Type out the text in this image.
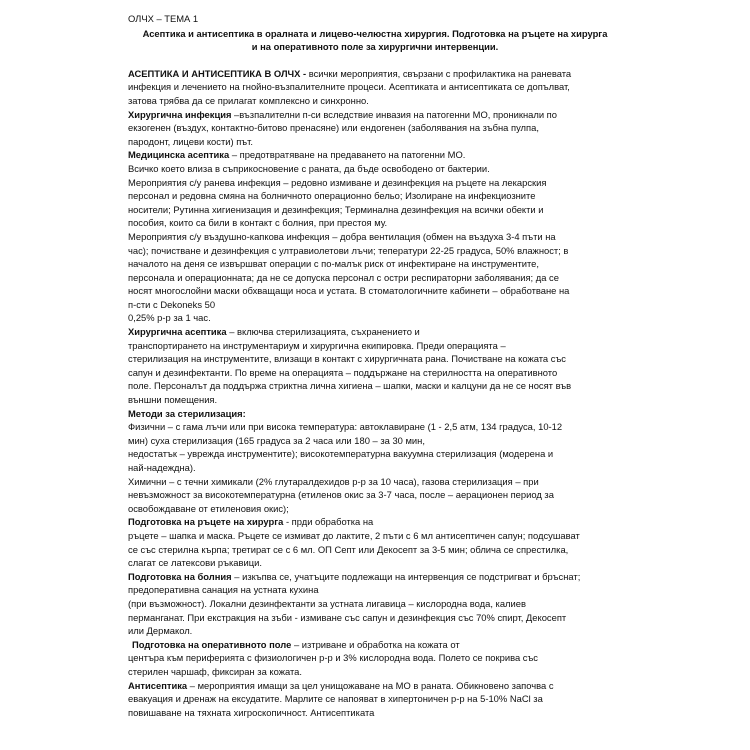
ОЛЧХ – ТЕМА 1

Асептика и антисептика в оралната и лицево-челюстна хирургия. Подготовка на ръцете на хирурга

и на оперативното поле за хирургични интервенции.

АСЕПТИКА И АНТИСЕПТИКА В ОЛЧХ - всички мероприятия, свързани с профилактика на раневата

инфекция и лечението на гнойно-възпалителните процеси. Асептиката и антисептиката се допълват,

затова трябва да се прилагат комплексно и синхронно.

Хирургична инфекция –възпалителни п-си вследствие инвазия на патогенни МО, проникнали по

екзогенен (въздух, контактно-битово пренасяне) или ендогенен (заболявания на зъбна пулпа,

пародонт, лицеви кости) път.

Медицинска асептика – предотвратяване на предаването на патогенни МО.

Всичко което влиза в съприкосновение с раната, да бъде освободено от бактерии.

Мероприятия с/у раневa инфекция – редовно измиване и дезинфекция на ръцете на лекарския

персонал и редовна смяна на болничното операционно бельо; Изолиране на инфекциозните

носители; Рутинна хигиенизация и дезинфекция; Терминална дезинфекция на всички обекти и

пособия, които са били в контакт с болния, при престоя му.

Мероприятия с/у въздушно-капкова инфекция – добра вентилация (обмен на въздуха 3-4 пъти на

час); почистване и дезинфекция с ултравиолетови лъчи; теператури 22-25 градуса, 50% влажност; в

началото на деня се извършват операции с по-малък риск от инфектиране на инструментите,

персонала и операционната; да не се допуска персонал с остри респираторни заболявания; да се

носят многослойни маски обхващащи носа и устата. В стоматологичните кабинети – обработване на

п-сти с Dekoneks 50

0,25% р-р за 1 час.

Хирургична асептика – включва стерилизацията, съхранението и

транспортирането на инструментариум и хирургична екипировка. Преди операцията –

стерилизация на инструментите, влизащи в контакт с хирургичната рана. Почистване на кожата със

сапун и дезинфектанти. По време на операцията – поддържане на стерилността на оперативното

поле. Персоналът да поддържа стриктна лична хигиена – шапки, маски и калцуни да не се носят във

външни помещения.

Методи за стерилизация:

Физични – с гама лъчи или при висока температура: автоклавиране (1 - 2,5 атм, 134 градуса, 10-12

мин) суха стерилизация (165 градуса за 2 часа или 180 – за 30 мин,

недостатък – уврежда инструментите); високотемпературна вакуумна стерилизация (модерена и

най-надеждна).

Химични – с течни химикали (2% глутаралдехидов р-р за 10 часа), газова стерилизация – при

невъзможност за високотемпературна (етиленов окис за 3-7 часа, после – аерационен период за

освобождаване от етиленовия окис);

Подготовка на ръцете на хирурга - прди обработка на

ръцете – шапка и маска. Ръцете се измиват до лактите, 2 пъти с 6 мл антисептичен сапун; подсушават

се със стерилна кърпа; третират се с 6 мл. ОП Септ или Декосепт за 3-5 мин; облича се спрестилка,

слагат се латексови ръкавици.

Подготовка на болния – изкъпва се, учатъците подлежащи на интервенция се подстригват и бръснат;

предоперативна санация на устната кухина

(при възможност). Локални дезинфектанти за устната лигавица – кислородна вода, калиев

перманганат. При екстракция на зъби - измиване със сапун и дезинфекция със 70% спирт, Декосепт

или Дермакол.

Подготовка на оперативното поле – изтриване и обработка на кожата от

центъра към периферията с физиологичен р-р и 3% кислородна вода. Полето се покрива със

стерилен чаршаф, фиксиран за кожата.

Антисептика – мероприятия имащи за цел унищожаване на МО в раната. Обикновено започва с

евакуация и дренаж на ексудатите. Марлите се напояват в хипертоничен р-р на 5-10% NaCl за

повишаване на тяхната хигроскопичност. Антисептиката
